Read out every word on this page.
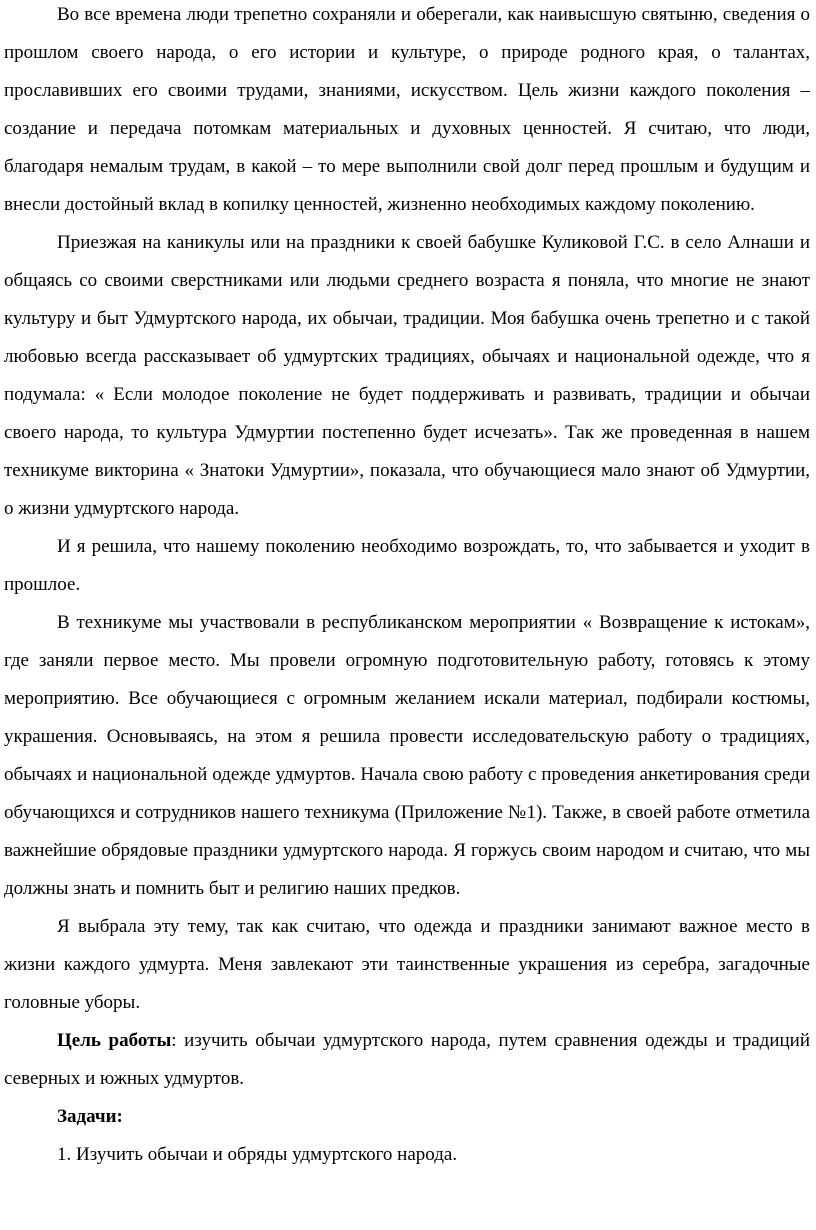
Во все времена люди трепетно сохраняли и оберегали, как наивысшую святыню, сведения о прошлом своего народа, о его истории и культуре, о природе родного края, о талантах, прославивших его своими трудами, знаниями, искусством. Цель жизни каждого поколения – создание и передача потомкам материальных и духовных ценностей. Я считаю, что люди, благодаря немалым трудам, в какой – то мере выполнили свой долг перед прошлым и будущим и внесли достойный вклад в копилку ценностей, жизненно необходимых каждому поколению.

Приезжая на каникулы или на праздники к своей бабушке Куликовой Г.С. в село Алнаши и общаясь со своими сверстниками или людьми среднего возраста я поняла, что многие не знают культуру и быт Удмуртского народа, их обычаи, традиции. Моя бабушка очень трепетно и с такой любовью всегда рассказывает об удмуртских традициях, обычаях и национальной одежде, что я подумала: « Если молодое поколение не будет поддерживать и развивать, традиции и обычаи своего народа, то культура Удмуртии постепенно будет исчезать». Так же проведенная в нашем техникуме викторина « Знатоки Удмуртии», показала, что обучающиеся мало знают об Удмуртии, о жизни удмуртского народа.

И я решила, что нашему поколению необходимо возрождать, то, что забывается и уходит в прошлое.

В техникуме мы участвовали в республиканском мероприятии « Возвращение к истокам», где заняли первое место. Мы провели огромную подготовительную работу, готовясь к этому мероприятию. Все обучающиеся с огромным желанием искали материал, подбирали костюмы, украшения. Основываясь, на этом я решила провести исследовательскую работу о традициях, обычаях и национальной одежде удмуртов. Начала свою работу с проведения анкетирования среди обучающихся и сотрудников нашего техникума (Приложение №1). Также, в своей работе отметила важнейшие обрядовые праздники удмуртского народа. Я горжусь своим народом и считаю, что мы должны знать и помнить быт и религию наших предков.

Я выбрала эту тему, так как считаю, что одежда и праздники занимают важное место в жизни каждого удмурта. Меня завлекают эти таинственные украшения из серебра, загадочные головные уборы.

Цель работы: изучить обычаи удмуртского народа, путем сравнения одежды и традиций северных и южных удмуртов.

Задачи:

1. Изучить обычаи и обряды удмуртского народа.
